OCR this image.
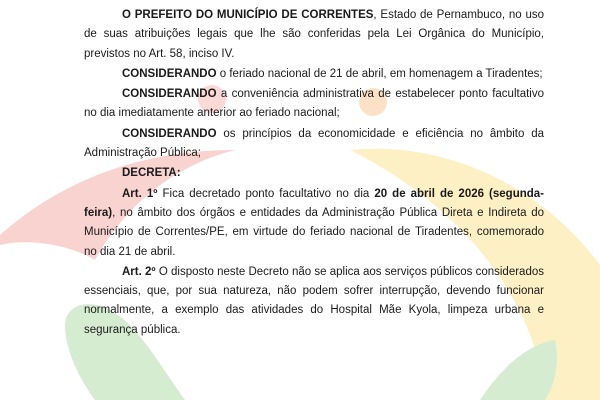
O PREFEITO DO MUNICÍPIO DE CORRENTES, Estado de Pernambuco, no uso de suas atribuições legais que lhe são conferidas pela Lei Orgânica do Município, previstos no Art. 58, inciso IV.

CONSIDERANDO o feriado nacional de 21 de abril, em homenagem a Tiradentes;

CONSIDERANDO a conveniência administrativa de estabelecer ponto facultativo no dia imediatamente anterior ao feriado nacional;

CONSIDERANDO os princípios da economicidade e eficiência no âmbito da Administração Pública;

DECRETA:

Art. 1º Fica decretado ponto facultativo no dia 20 de abril de 2026 (segunda-feira), no âmbito dos órgãos e entidades da Administração Pública Direta e Indireta do Município de Correntes/PE, em virtude do feriado nacional de Tiradentes, comemorado no dia 21 de abril.

Art. 2º O disposto neste Decreto não se aplica aos serviços públicos considerados essenciais, que, por sua natureza, não podem sofrer interrupção, devendo funcionar normalmente, a exemplo das atividades do Hospital Mãe Kyola, limpeza urbana e segurança pública.
